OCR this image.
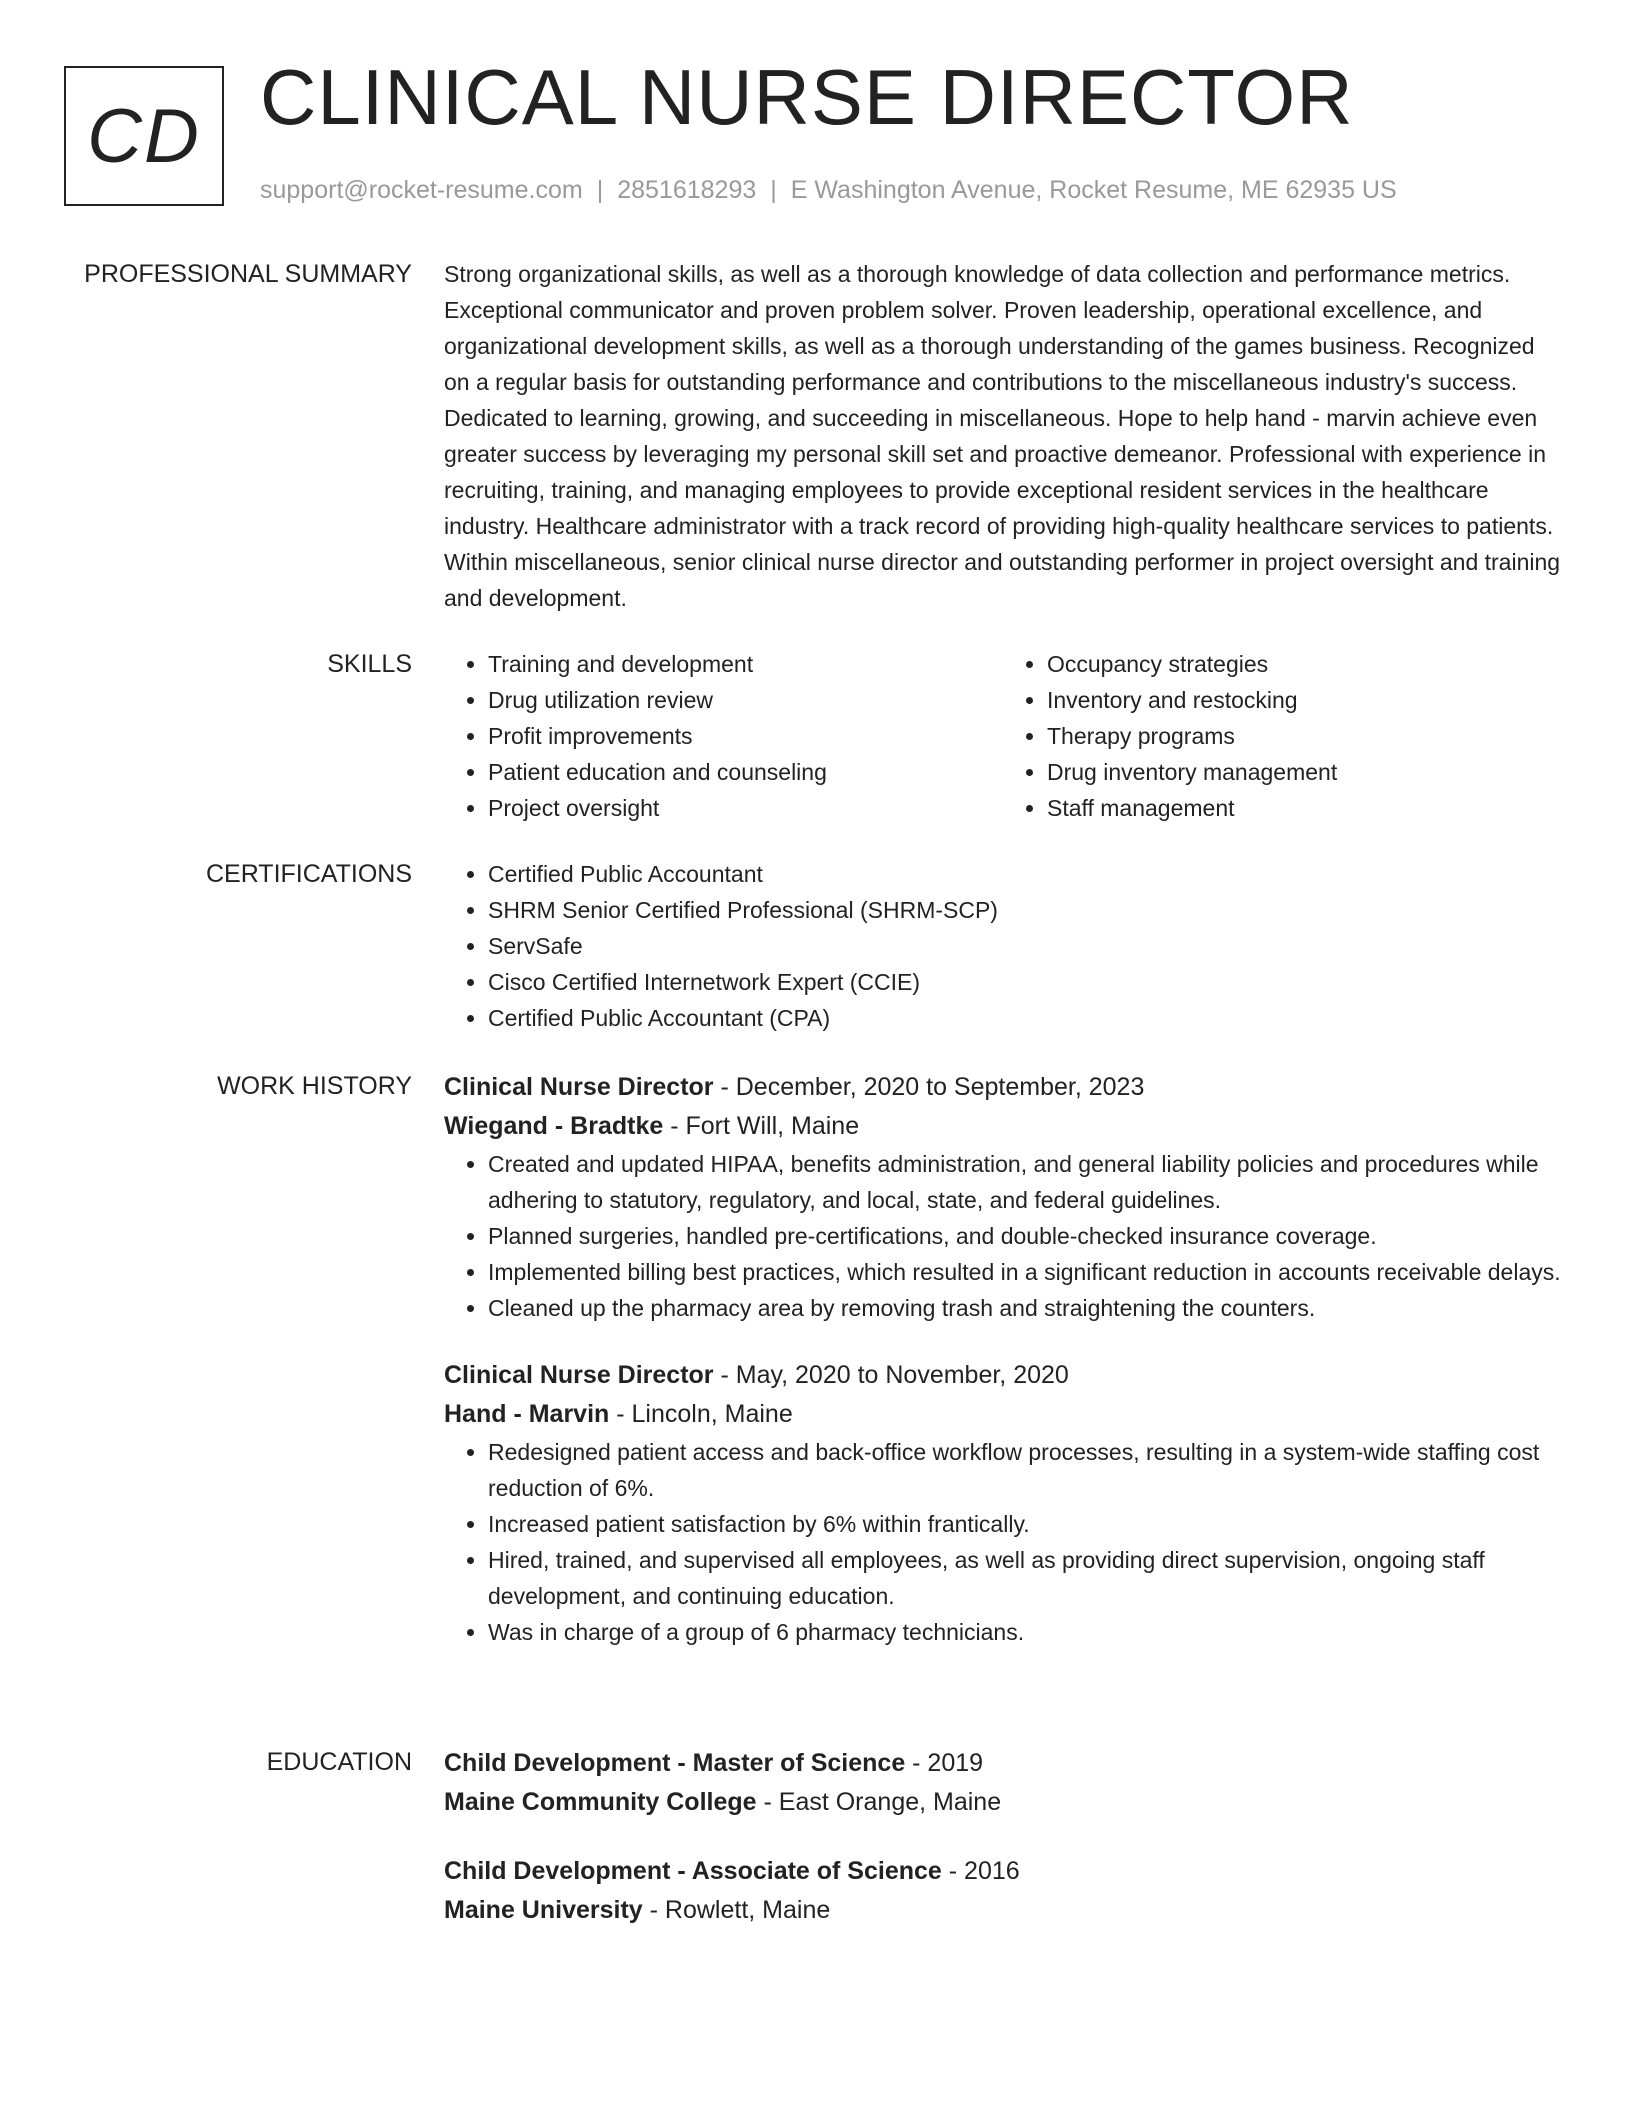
CD CLINICAL NURSE DIRECTOR
support@rocket-resume.com | 2851618293 | E Washington Avenue, Rocket Resume, ME 62935 US
PROFESSIONAL SUMMARY Strong organizational skills, as well as a thorough knowledge of data collection and performance metrics. Exceptional communicator and proven problem solver. Proven leadership, operational excellence, and organizational development skills, as well as a thorough understanding of the games business. Recognized on a regular basis for outstanding performance and contributions to the miscellaneous industry's success. Dedicated to learning, growing, and succeeding in miscellaneous. Hope to help hand - marvin achieve even greater success by leveraging my personal skill set and proactive demeanor. Professional with experience in recruiting, training, and managing employees to provide exceptional resident services in the healthcare industry. Healthcare administrator with a track record of providing high-quality healthcare services to patients. Within miscellaneous, senior clinical nurse director and outstanding performer in project oversight and training and development.

SKILLS	• Training and development
• Drug utilization review
• Profit improvements
• Patient education and counseling
• Project oversight
• Occupancy strategies
• Inventory and restocking
• Therapy programs
• Drug inventory management
• Staff management
CERTIFICATIONS	• Certified Public Accountant
• SHRM Senior Certified Professional (SHRM-SCP)
• ServSafe
• Cisco Certified Internetwork Expert (CCIE)
• Certified Public Accountant (CPA)
WORK HISTORY Clinical Nurse Director - December, 2020 to September, 2023
Wiegand - Bradtke - Fort Will, Maine
• Created and updated HIPAA, benefits administration, and general liability policies and procedures while adhering to statutory, regulatory, and local, state, and federal guidelines.
• Planned surgeries, handled pre-certifications, and double-checked insurance coverage.
• Implemented billing best practices, which resulted in a significant reduction in accounts receivable delays.
• Cleaned up the pharmacy area by removing trash and straightening the counters.
Clinical Nurse Director - May, 2020 to November, 2020
Hand - Marvin - Lincoln, Maine
• Redesigned patient access and back-office workflow processes, resulting in a system-wide staffing cost reduction of 6%.
• Increased patient satisfaction by 6% within frantically.
• Hired, trained, and supervised all employees, as well as providing direct supervision, ongoing staff development, and continuing education.
• Was in charge of a group of 6 pharmacy technicians.
EDUCATION Child Development - Master of Science - 2019
Maine Community College - East Orange, Maine
Child Development - Associate of Science - 2016
Maine University - Rowlett, Maine
